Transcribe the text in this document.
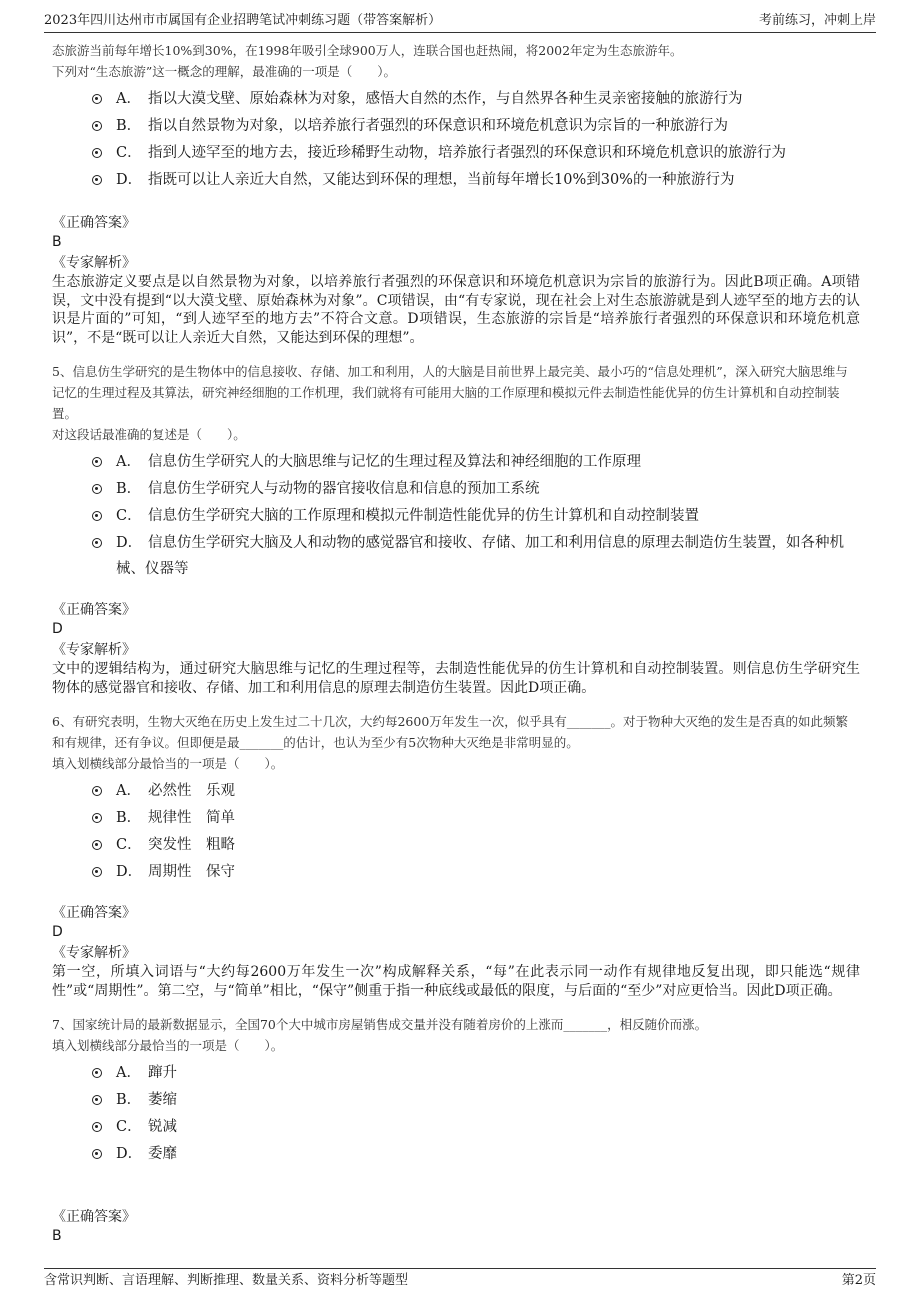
2023年四川达州市市属国有企业招聘笔试冲刺练习题（带答案解析）	考前练习，冲刺上岸
态旅游当前每年增长10%到30%，在1998年吸引全球900万人，连联合国也赶热闹，将2002年定为生态旅游年。
下列对“生态旅游”这一概念的理解，最准确的一项是（　　）。
A． 指以大漠戈壁、原始森林为对象，感悟大自然的杰作，与自然界各种生灵亲密接触的旅游行为
B． 指以自然景物为对象，以培养旅行者强烈的环保意识和环境危机意识为宗旨的一种旅游行为
C． 指到人迹罕至的地方去，接近珍稀野生动物，培养旅行者强烈的环保意识和环境危机意识的旅游行为
D． 指既可以让人亲近大自然，又能达到环保的理想，当前每年增长10%到30%的一种旅游行为
《正确答案》
B
《专家解析》
生态旅游定义要点是以自然景物为对象，以培养旅行者强烈的环保意识和环境危机意识为宗旨的旅游行为。因此B项正确。A项错误，文中没有提到“以大漠戈壁、原始森林为对象”。C项错误，由“有专家说，现在社会上对生态旅游就是到人迹罕至的地方去的认识是片面的”可知，“到人迹罕至的地方去”不符合文意。D项错误，生态旅游的宗旨是“培养旅行者强烈的环保意识和环境危机意识”，不是“既可以让人亲近大自然，又能达到环保的理想”。
5、信息仿生学研究的是生物体中的信息接收、存储、加工和利用，人的大脑是目前世界上最完美、最小巧的“信息处理机”，深入研究大脑思维与记忆的生理过程及其算法，研究神经细胞的工作机理，我们就将有可能用大脑的工作原理和模拟元件去制造性能优异的仿生计算机和自动控制装置。
对这段话最准确的复述是（　　）。
A． 信息仿生学研究人的大脑思维与记忆的生理过程及算法和神经细胞的工作原理
B． 信息仿生学研究人与动物的器官接收信息和信息的预加工系统
C． 信息仿生学研究大脑的工作原理和模拟元件制造性能优异的仿生计算机和自动控制装置
D． 信息仿生学研究大脑及人和动物的感觉器官和接收、存储、加工和利用信息的原理去制造仿生装置，如各种机械、仪器等
《正确答案》
D
《专家解析》
文中的逻辑结构为，通过研究大脑思维与记忆的生理过程等，去制造性能优异的仿生计算机和自动控制装置。则信息仿生学研究生物体的感觉器官和接收、存储、加工和利用信息的原理去制造仿生装置。因此D项正确。
6、有研究表明，生物大灭绝在历史上发生过二十几次，大约每2600万年发生一次，似乎具有_______。对于物种大灭绝的发生是否真的如此频繁和有规律，还有争议。但即便是最_______的估计，也认为至少有5次物种大灭绝是非常明显的。
填入划横线部分最恰当的一项是（　　）。
A． 必然性　乐观
B． 规律性　简单
C． 突发性　粗略
D． 周期性　保守
《正确答案》
D
《专家解析》
第一空，所填入词语与“大约每2600万年发生一次”构成解释关系，“每”在此表示同一动作有规律地反复出现，即只能选“规律性”或“周期性”。第二空，与“简单”相比，“保守”侧重于指一种底线或最低的限度，与后面的“至少”对应更恰当。因此D项正确。
7、国家统计局的最新数据显示，全国70个大中城市房屋销售成交量并没有随着房价的上涨而_______，相反随价而涨。
填入划横线部分最恰当的一项是（　　）。
A． 蹿升
B． 萎缩
C． 锐减
D． 委靡
《正确答案》
B
含常识判断、言语理解、判断推理、数量关系、资料分析等题型	第2页
